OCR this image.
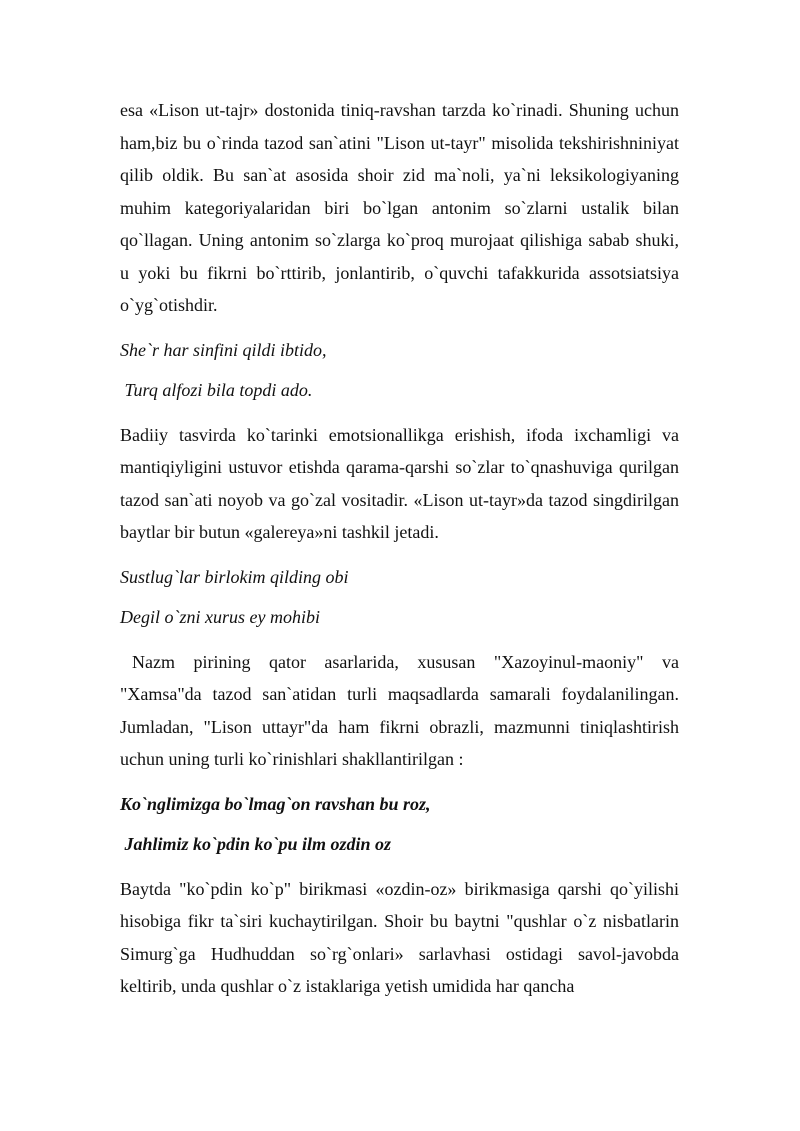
esa «Lison ut-tajr» dostonida tiniq-ravshan tarzda ko`rinadi. Shuning uchun ham,biz bu o`rinda tazod san`atini "Lison ut-tayr" misolida tekshirishniniyat qilib oldik. Bu san`at asosida shoir zid ma`noli, ya`ni leksikologiyaning muhim kategoriyalaridan biri bo`lgan antonim so`zlarni ustalik bilan qo`llagan. Uning antonim so`zlarga ko`proq murojaat qilishiga sabab shuki, u yoki bu fikrni bo`rttirib, jonlantirib, o`quvchi tafakkurida assotsiatsiya o`yg`otishdir.

She`r har sinfini qildi ibtido,

Turq alfozi bila topdi ado.

Badiiy tasvirda ko`tarinki emotsionallikga erishish, ifoda ixchamligi va mantiqiyligini ustuvor etishda qarama-qarshi so`zlar to`qnashuviga qurilgan tazod san`ati noyob va go`zal vositadir. «Lison ut-tayr»da tazod singdirilgan baytlar bir butun «galereya»ni tashkil jetadi.

Sustlug`lar birlokim qilding obi

Degil o`zni xurus ey mohibi

Nazm pirining qator asarlarida, xususan "Xazoyinul-maoniy" va "Xamsa"da tazod san`atidan turli maqsadlarda samarali foydalanilingan. Jumladan, "Lison uttayr"da ham fikrni obrazli, mazmunni tiniqlashtirish uchun uning turli ko`rinishlari shakllantirilgan :

Ko`nglimizga bo`lmag`on ravshan bu roz,

Jahlimiz ko`pdin ko`pu ilm ozdin oz

Baytda "ko`pdin ko`p" birikmasi «ozdin-oz» birikmasiga qarshi qo`yilishi hisobiga fikr ta`siri kuchaytirilgan. Shoir bu baytni "qushlar o`z nisbatlarin Simurg`ga Hudhuddan so`rg`onlari» sarlavhasi ostidagi savol-javobda keltirib, unda qushlar o`z istaklariga yetish umidida har qancha
